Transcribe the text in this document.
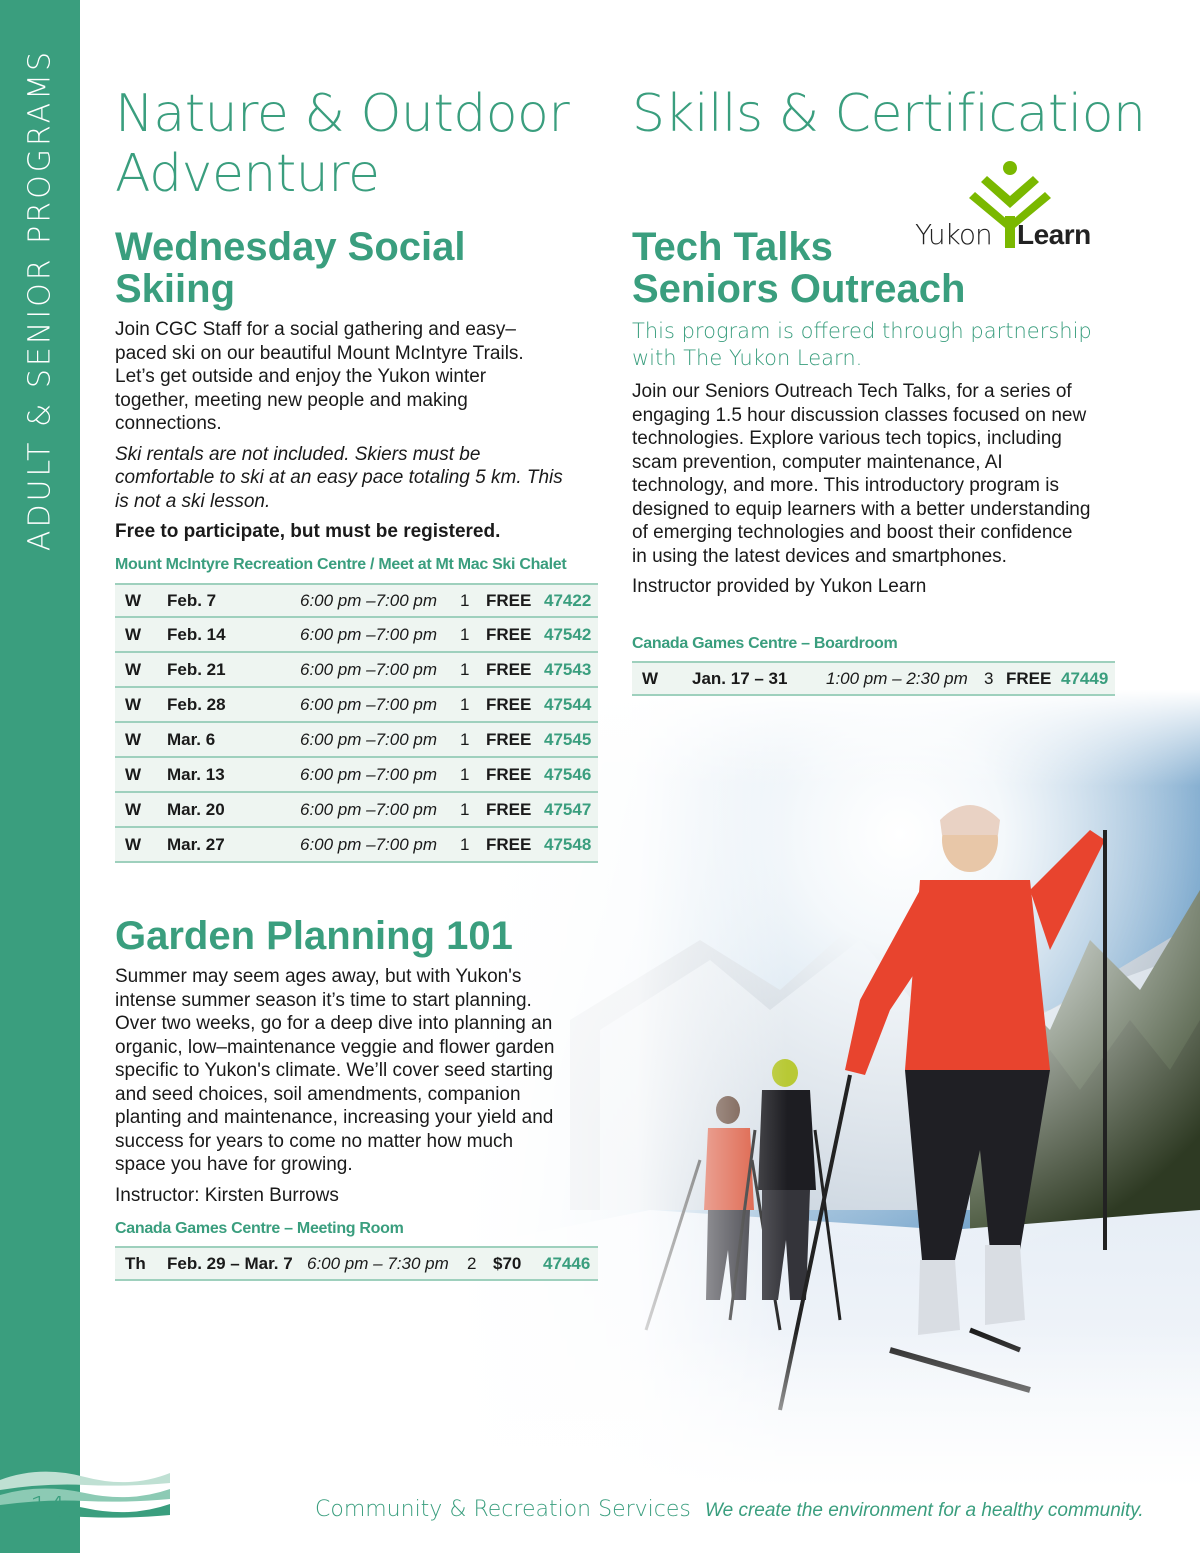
ADULT & SENIOR PROGRAMS Nature & Outdoor
Adventure
Wednesday Social
Skiing

Join CGC Staff for a social gathering and easy–paced ski on our beautiful Mount McIntyre Trails. Let’s get outside and enjoy the Yukon winter together, meeting new people and making connections.

Ski rentals are not included. Skiers must be comfortable to ski at an easy pace totaling 5 km. This is not a ski lesson.

Free to participate, but must be registered.

Mount McIntyre Recreation Centre / Meet at Mt Mac Ski Chalet
W	Feb. 7	6:00 pm –7:00 pm	1 FREE 47422
W	Feb. 14	6:00 pm –7:00 pm	1 FREE 47542
W	Feb. 21	6:00 pm –7:00 pm	1 FREE 47543
W	Feb. 28	6:00 pm –7:00 pm	1 FREE 47544
W	Mar. 6	6:00 pm –7:00 pm	1 FREE 47545
W	Mar. 13	6:00 pm –7:00 pm	1 FREE 47546
W	Mar. 20	6:00 pm –7:00 pm	1 FREE 47547
W	Mar. 27	6:00 pm –7:00 pm	1 FREE 47548
Garden Planning 101

Summer may seem ages away, but with Yukon's intense summer season it’s time to start planning. Over two weeks, go for a deep dive into planning an organic, low–maintenance veggie and flower garden specific to Yukon's climate. We’ll cover seed starting and seed choices, soil amendments, companion planting and maintenance, increasing your yield and success for years to come no matter how much space you have for growing.

Instructor: Kirsten Burrows

Canada Games Centre – Meeting Room
Th	Feb. 29 – Mar. 7 6:00 pm – 7:30 pm	2 $70	47446
Skills & Certification
Yukon Learn
Tech Talks
Seniors Outreach
This program is offered through partnership with The Yukon Learn.

Join our Seniors Outreach Tech Talks, for a series of engaging 1.5 hour discussion classes focused on new technologies. Explore various tech topics, including scam prevention, computer maintenance, AI technology, and more. This introductory program is designed to equip learners with a better understanding of emerging technologies and boost their confidence in using the latest devices and smartphones.

Instructor provided by Yukon Learn

Canada Games Centre – Boardroom
W	Jan. 17 – 31	1:00 pm – 2:30 pm 3 FREE 47449
14	Community & Recreation Services We create the environment for a healthy community.
